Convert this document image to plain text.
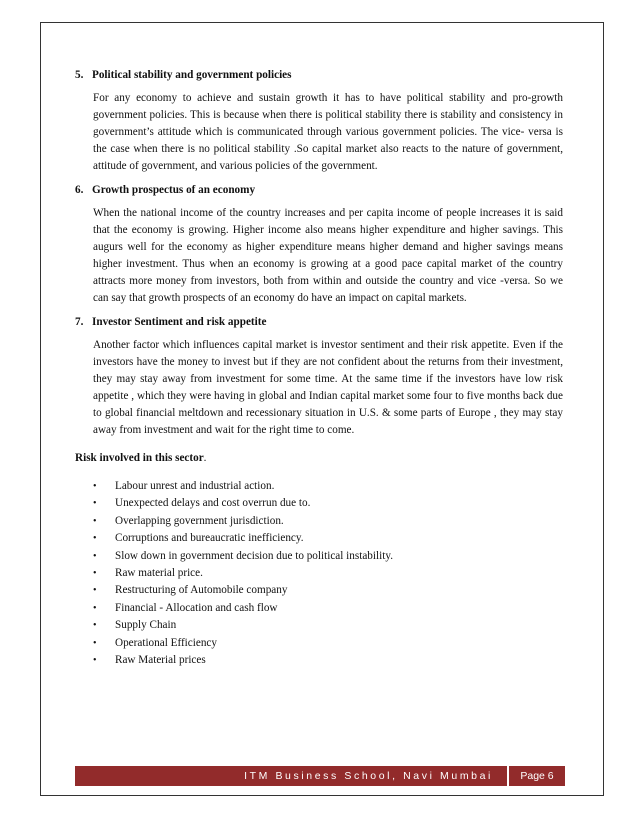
5. Political stability and government policies

For any economy to achieve and sustain growth it has to have political stability and pro-growth government policies. This is because when there is political stability there is stability and consistency in government’s attitude which is communicated through various government policies. The vice- versa is the case when there is no political stability .So capital market also reacts to the nature of government, attitude of government, and various policies of the government.

6. Growth prospectus of an economy

When the national income of the country increases and per capita income of people increases it is said that the economy is growing. Higher income also means higher expenditure and higher savings. This augurs well for the economy as higher expenditure means higher demand and higher savings means higher investment. Thus when an economy is growing at a good pace capital market of the country attracts more money from investors, both from within and outside the country and vice -versa. So we can say that growth prospects of an economy do have an impact on capital markets.

7. Investor Sentiment and risk appetite

Another factor which influences capital market is investor sentiment and their risk appetite. Even if the investors have the money to invest but if they are not confident about the returns from their investment, they may stay away from investment for some time. At the same time if the investors have low risk appetite , which they were having in global and Indian capital market some four to five months back due to global financial meltdown and recessionary situation in U.S. & some parts of Europe , they may stay away from investment and wait for the right time to come.

Risk involved in this sector.

• Labour unrest and industrial action.
• Unexpected delays and cost overrun due to.
• Overlapping government jurisdiction.
• Corruptions and bureaucratic inefficiency.
• Slow down in government decision due to political instability.
• Raw material price.
• Restructuring of Automobile company
• Financial - Allocation and cash flow
• Supply Chain
• Operational Efficiency
• Raw Material prices
ITM Business School, Navi Mumbai	Page 6
